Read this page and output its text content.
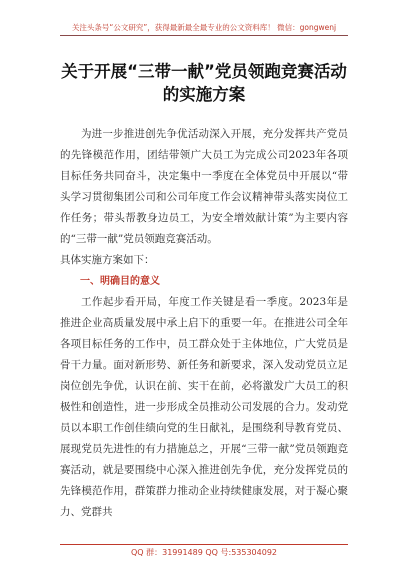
关注头条号“公文研究”，获得最新最全最专业的公文资料库！ 微信：gongwenj
关于开展“三带一献”党员领跑竞赛活动
的实施方案

为进一步推进创先争优活动深入开展，充分发挥共产党员的先锋模范作用，团结带领广大员工为完成公司2023年各项目标任务共同奋斗，决定集中一季度在全体党员中开展以“带头学习贯彻集团公司和公司年度工作会议精神带头落实岗位工作任务；带头帮教身边员工，为安全增效献计策”为主要内容的“三带一献”党员领跑竞赛活动。

具体实施方案如下：

一、明确目的意义

工作起步看开局，年度工作关键是看一季度。2023年是推进企业高质量发展中承上启下的重要一年。在推进公司全年各项目标任务的工作中，员工群众处于主体地位，广大党员是骨干力量。面对新形势、新任务和新要求，深入发动党员立足岗位创先争优，认识在前、实干在前，必将激发广大员工的积极性和创造性，进一步形成全员推动公司发展的合力。发动党员以本职工作创佳绩向党的生日献礼，是围绕利导教育党员、展现党员先进性的有力措施总之，开展“三带一献”党员领跑竞赛活动，就是要围绕中心深入推进创先争优，充分发挥党员的先锋模范作用，群策群力推动企业持续健康发展，对于凝心聚力、党群共

QQ 群：31991489 QQ 号:535304092
